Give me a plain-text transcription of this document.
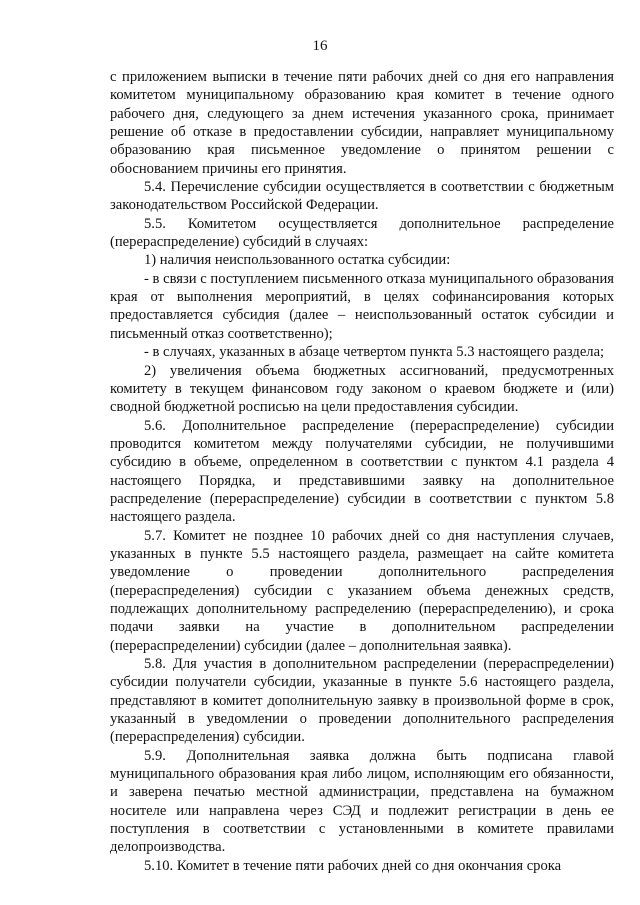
16

с приложением выписки в течение пяти рабочих дней со дня его направления комитетом муниципальному образованию края комитет в течение одного рабочего дня, следующего за днем истечения указанного срока, принимает решение об отказе в предоставлении субсидии, направляет муниципальному образованию края письменное уведомление о принятом решении с обоснованием причины его принятия.

5.4. Перечисление субсидии осуществляется в соответствии с бюджетным законодательством Российской Федерации.

5.5. Комитетом осуществляется дополнительное распределение (перераспределение) субсидий в случаях:

1) наличия неиспользованного остатка субсидии:

- в связи с поступлением письменного отказа муниципального образования края от выполнения мероприятий, в целях софинансирования которых предоставляется субсидия (далее – неиспользованный остаток субсидии и письменный отказ соответственно);

- в случаях, указанных в абзаце четвертом пункта 5.3 настоящего раздела;

2) увеличения объема бюджетных ассигнований, предусмотренных комитету в текущем финансовом году законом о краевом бюджете и (или) сводной бюджетной росписью на цели предоставления субсидии.

5.6. Дополнительное распределение (перераспределение) субсидии проводится комитетом между получателями субсидии, не получившими субсидию в объеме, определенном в соответствии с пунктом 4.1 раздела 4 настоящего Порядка, и представившими заявку на дополнительное распределение (перераспределение) субсидии в соответствии с пунктом 5.8 настоящего раздела.

5.7. Комитет не позднее 10 рабочих дней со дня наступления случаев, указанных в пункте 5.5 настоящего раздела, размещает на сайте комитета уведомление о проведении дополнительного распределения (перераспределения) субсидии с указанием объема денежных средств, подлежащих дополнительному распределению (перераспределению), и срока подачи заявки на участие в дополнительном распределении (перераспределении) субсидии (далее – дополнительная заявка).

5.8. Для участия в дополнительном распределении (перераспределении) субсидии получатели субсидии, указанные в пункте 5.6 настоящего раздела, представляют в комитет дополнительную заявку в произвольной форме в срок, указанный в уведомлении о проведении дополнительного распределения (перераспределения) субсидии.

5.9. Дополнительная заявка должна быть подписана главой муниципального образования края либо лицом, исполняющим его обязанности, и заверена печатью местной администрации, представлена на бумажном носителе или направлена через СЭД и подлежит регистрации в день ее поступления в соответствии с установленными в комитете правилами делопроизводства.

5.10. Комитет в течение пяти рабочих дней со дня окончания срока
